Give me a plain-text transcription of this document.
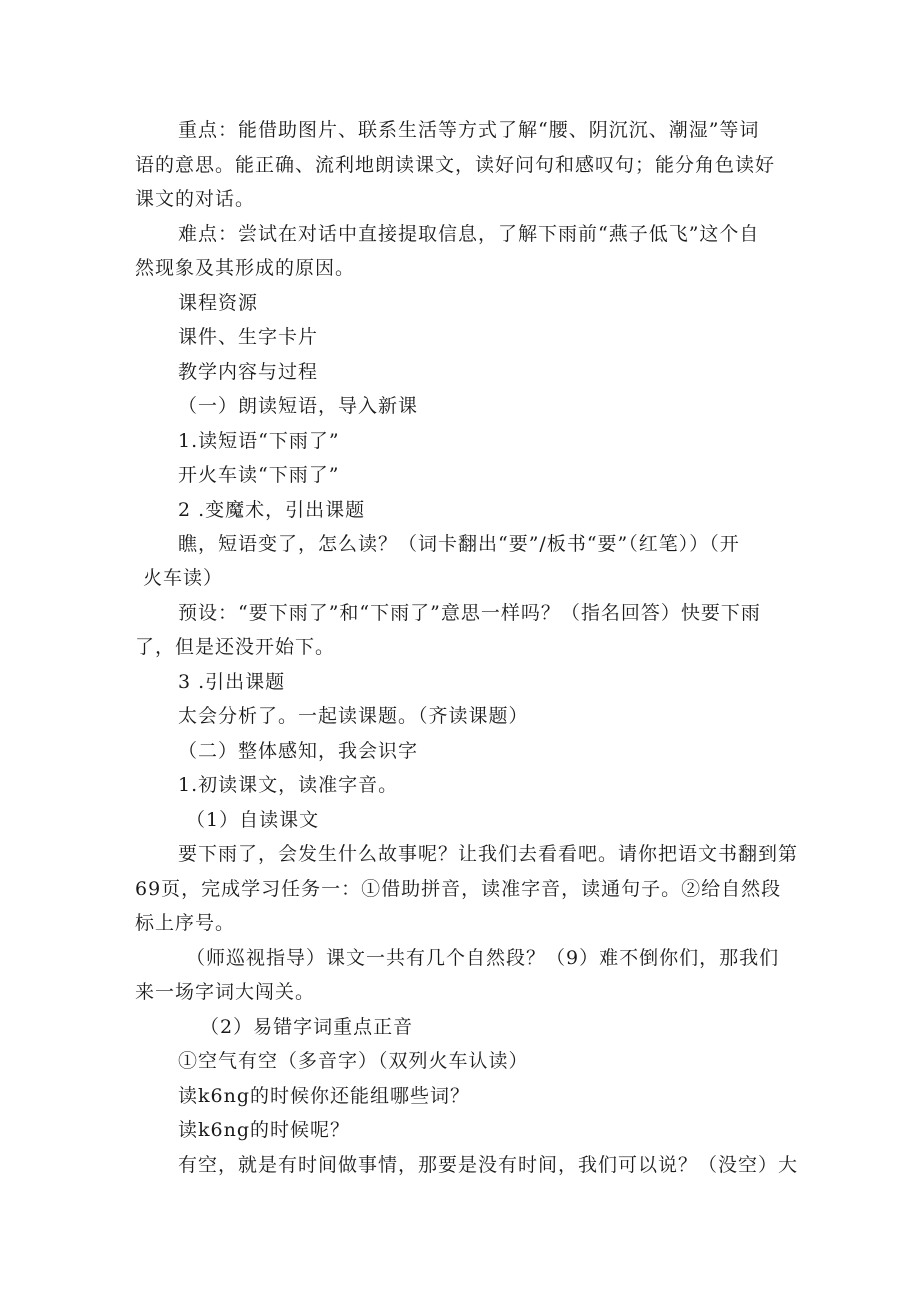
重点：能借助图片、联系生活等方式了解“腰、阴沉沉、潮湿”等词
语的意思。能正确、流利地朗读课文，读好问句和感叹句；能分角色读好
课文的对话。
难点：尝试在对话中直接提取信息，了解下雨前“燕子低飞”这个自
然现象及其形成的原因。
课程资源
课件、生字卡片
教学内容与过程
（一）朗读短语，导入新课
1.读短语“下雨了”
开火车读“下雨了”
2 .变魔术，引出课题
瞧，短语变了，怎么读？（词卡翻出“要”/板书“要”（红笔））（开
火车读）
预设：“要下雨了”和“下雨了”意思一样吗？（指名回答）快要下雨
了，但是还没开始下。
3 .引出课题
太会分析了。一起读课题。（齐读课题）
（二）整体感知，我会识字
1.初读课文，读准字音。
（1）自读课文
要下雨了，会发生什么故事呢？让我们去看看吧。请你把语文书翻到第
69页，完成学习任务一：①借助拼音，读准字音，读通句子。②给自然段
标上序号。
（师巡视指导）课文一共有几个自然段？（9）难不倒你们，那我们
来一场字词大闯关。
（2）易错字词重点正音
①空气有空（多音字）（双列火车认读）
读k6ng的时候你还能组哪些词？
读k6ng的时候呢？
有空，就是有时间做事情，那要是没有时间，我们可以说？（没空）大
